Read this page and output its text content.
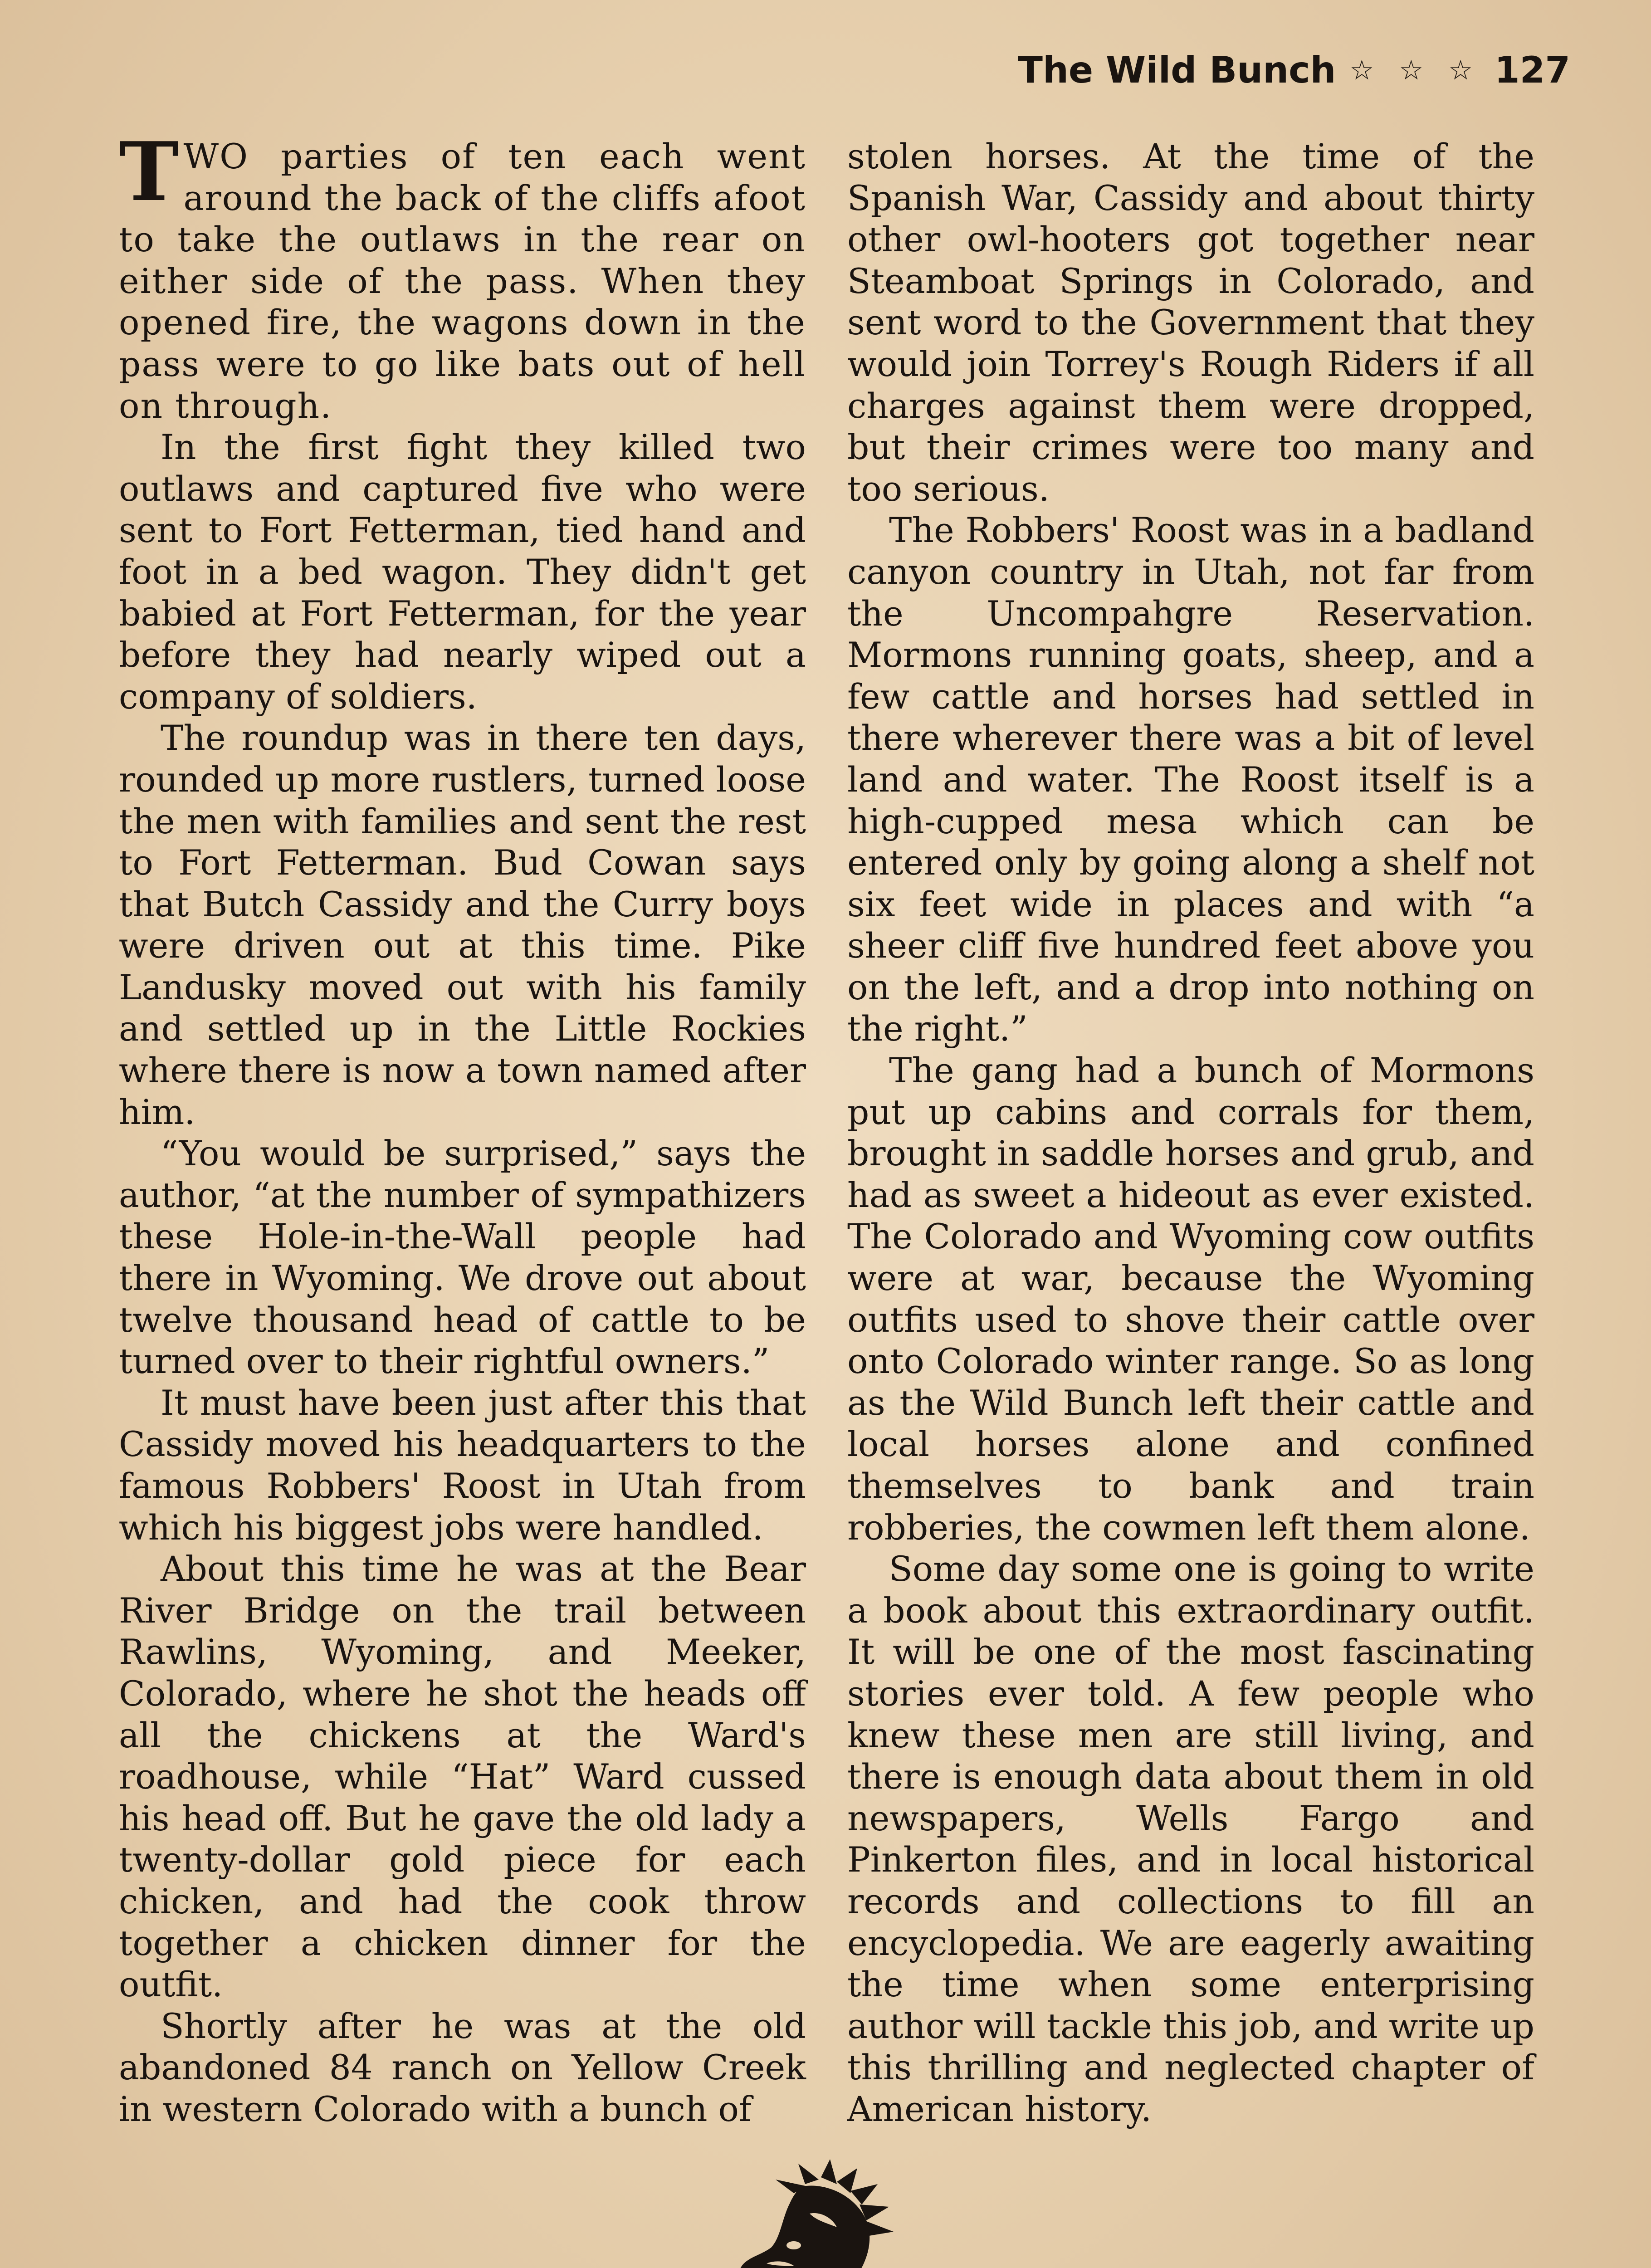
The Wild Bunch ☆ ☆ ☆ 127

TWO parties of ten each went around the back of the cliffs afoot to take the outlaws in the rear on either side of the pass. When they opened fire, the wagons down in the pass were to go like bats out of hell on through.

In the first fight they killed two outlaws and captured five who were sent to Fort Fetterman, tied hand and foot in a bed wagon. They didn't get babied at Fort Fetterman, for the year before they had nearly wiped out a company of soldiers.

The roundup was in there ten days, rounded up more rustlers, turned loose the men with families and sent the rest to Fort Fetterman. Bud Cowan says that Butch Cassidy and the Curry boys were driven out at this time. Pike Landusky moved out with his family and settled up in the Little Rockies where there is now a town named after him.

“You would be surprised,” says the author, “at the number of sympathizers these Hole-in-the-Wall people had there in Wyoming. We drove out about twelve thousand head of cattle to be turned over to their rightful owners.”

It must have been just after this that Cassidy moved his headquarters to the famous Robbers' Roost in Utah from which his biggest jobs were handled.

About this time he was at the Bear River Bridge on the trail between Rawlins, Wyoming, and Meeker, Colorado, where he shot the heads off all the chickens at the Ward's roadhouse, while “Hat” Ward cussed his head off. But he gave the old lady a twenty-dollar gold piece for each chicken, and had the cook throw together a chicken dinner for the outfit.

Shortly after he was at the old abandoned 84 ranch on Yellow Creek in western Colorado with a bunch of

stolen horses. At the time of the Spanish War, Cassidy and about thirty other owl-hooters got together near Steamboat Springs in Colorado, and sent word to the Government that they would join Torrey's Rough Riders if all charges against them were dropped, but their crimes were too many and too serious.

The Robbers' Roost was in a badland canyon country in Utah, not far from the Uncompahgre Reservation. Mormons running goats, sheep, and a few cattle and horses had settled in there wherever there was a bit of level land and water. The Roost itself is a high-cupped mesa which can be entered only by going along a shelf not six feet wide in places and with “a sheer cliff five hundred feet above you on the left, and a drop into nothing on the right.”

The gang had a bunch of Mormons put up cabins and corrals for them, brought in saddle horses and grub, and had as sweet a hideout as ever existed. The Colorado and Wyoming cow outfits were at war, because the Wyoming outfits used to shove their cattle over onto Colorado winter range. So as long as the Wild Bunch left their cattle and local horses alone and confined themselves to bank and train robberies, the cowmen left them alone.

Some day some one is going to write a book about this extraordinary outfit. It will be one of the most fascinating stories ever told. A few people who knew these men are still living, and there is enough data about them in old newspapers, Wells Fargo and Pinkerton files, and in local historical records and collections to fill an encyclopedia. We are eagerly awaiting the time when some enterprising author will tackle this job, and write up this thrilling and neglected chapter of American history.
